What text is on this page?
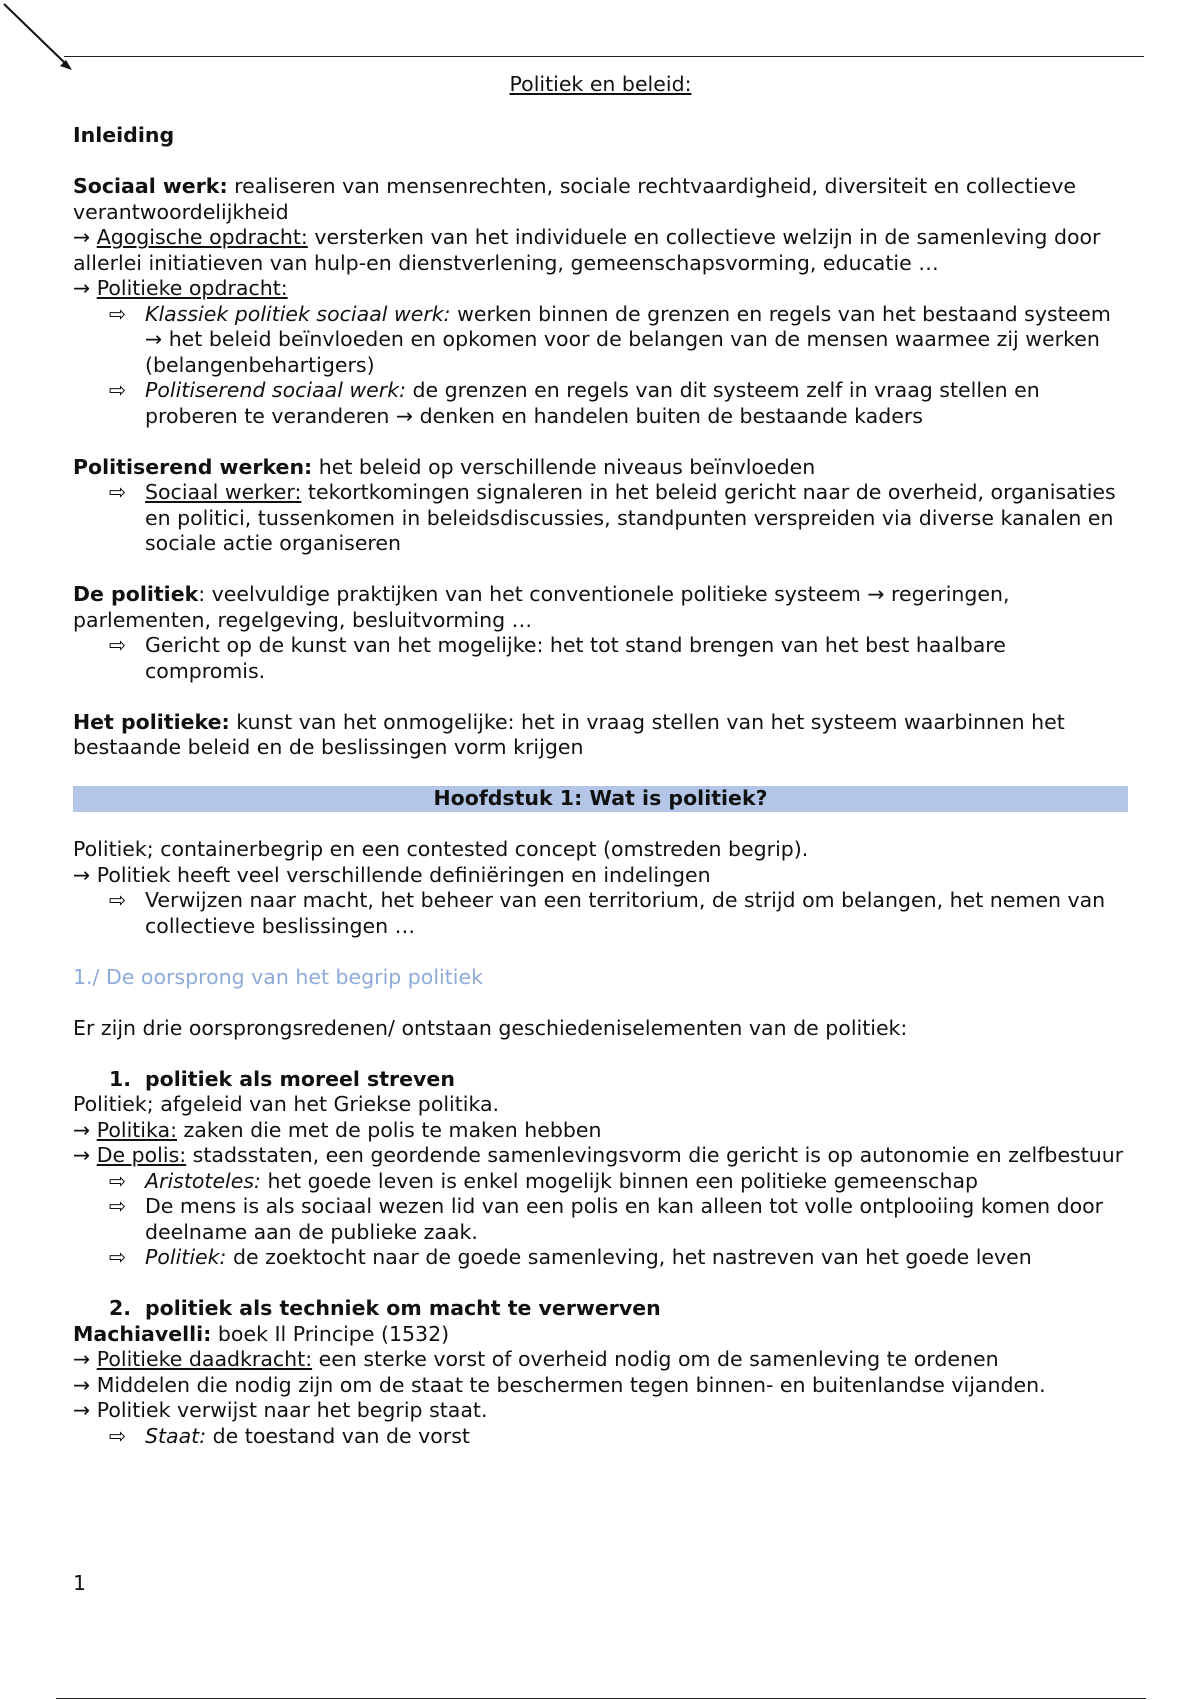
Politiek en beleid:

Inleiding

Sociaal werk: realiseren van mensenrechten, sociale rechtvaardigheid, diversiteit en collectieve verantwoordelijkheid

→ Agogische opdracht: versterken van het individuele en collectieve welzijn in de samenleving door allerlei initiatieven van hulp-en dienstverlening, gemeenschapsvorming, educatie …

→ Politieke opdracht:

⇨ Klassiek politiek sociaal werk: werken binnen de grenzen en regels van het bestaand systeem → het beleid beïnvloeden en opkomen voor de belangen van de mensen waarmee zij werken (belangenbehartigers)
⇨ Politiserend sociaal werk: de grenzen en regels van dit systeem zelf in vraag stellen en proberen te veranderen → denken en handelen buiten de bestaande kaders

Politiserend werken: het beleid op verschillende niveaus beïnvloeden

⇨ Sociaal werker: tekortkomingen signaleren in het beleid gericht naar de overheid, organisaties en politici, tussenkomen in beleidsdiscussies, standpunten verspreiden via diverse kanalen en sociale actie organiseren

De politiek: veelvuldige praktijken van het conventionele politieke systeem → regeringen, parlementen, regelgeving, besluitvorming …

⇨ Gericht op de kunst van het mogelijke: het tot stand brengen van het best haalbare compromis.

Het politieke: kunst van het onmogelijke: het in vraag stellen van het systeem waarbinnen het bestaande beleid en de beslissingen vorm krijgen

Hoofdstuk 1: Wat is politiek?

Politiek; containerbegrip en een contested concept (omstreden begrip).

→ Politiek heeft veel verschillende definiëringen en indelingen

⇨ Verwijzen naar macht, het beheer van een territorium, de strijd om belangen, het nemen van collectieve beslissingen …

1./ De oorsprong van het begrip politiek

Er zijn drie oorsprongsredenen/ ontstaan geschiedeniselementen van de politiek:

1. politiek als moreel streven

Politiek; afgeleid van het Griekse politika.

→ Politika: zaken die met de polis te maken hebben

→ De polis: stadsstaten, een geordende samenlevingsvorm die gericht is op autonomie en zelfbestuur

⇨ Aristoteles: het goede leven is enkel mogelijk binnen een politieke gemeenschap
⇨ De mens is als sociaal wezen lid van een polis en kan alleen tot volle ontplooiing komen door deelname aan de publieke zaak.
⇨ Politiek: de zoektocht naar de goede samenleving, het nastreven van het goede leven
2. politiek als techniek om macht te verwerven

Machiavelli: boek Il Principe (1532)

→ Politieke daadkracht: een sterke vorst of overheid nodig om de samenleving te ordenen

→ Middelen die nodig zijn om de staat te beschermen tegen binnen- en buitenlandse vijanden.

→ Politiek verwijst naar het begrip staat.

⇨ Staat: de toestand van de vorst

1
